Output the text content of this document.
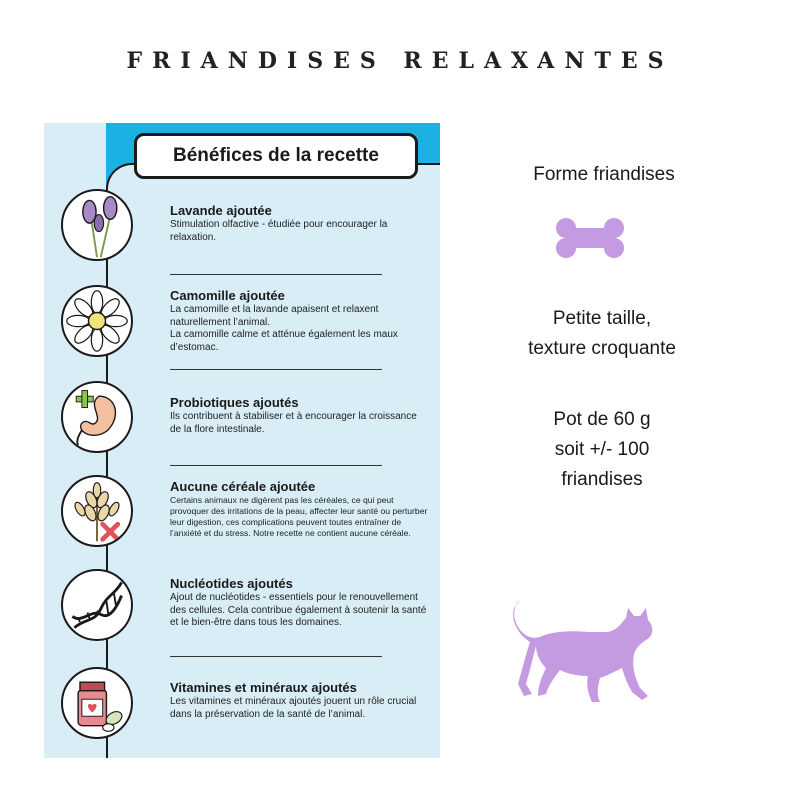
FRIANDISES RELAXANTES
Bénéfices de la recette
Lavande ajoutée

Stimulation olfactive - étudiée pour encourager la relaxation.

Camomille ajoutée

La camomille et la lavande apaisent et relaxent naturellement l’animal.
La camomille calme et atténue également les maux d’estomac.

Probiotiques ajoutés

Ils contribuent à stabiliser et à encourager la croissance de la flore intestinale.

Aucune céréale ajoutée

Certains animaux ne digèrent pas les céréales, ce qui peut provoquer des irritations de la peau, affecter leur santé ou perturber leur digestion, ces complications peuvent toutes entraîner de l’anxiété et du stress. Notre recette ne contient aucune céréale.

Nucléotides ajoutés

Ajout de nucléotides - essentiels pour le renouvellement des cellules. Cela contribue également à soutenir la santé et le bien-être dans tous les domaines.

Vitamines et minéraux ajoutés

Les vitamines et minéraux ajoutés jouent un rôle crucial dans la préservation de la santé de l’animal.

Forme friandises
Petite taille,
texture croquante
Pot de 60 g
soit +/- 100
friandises
